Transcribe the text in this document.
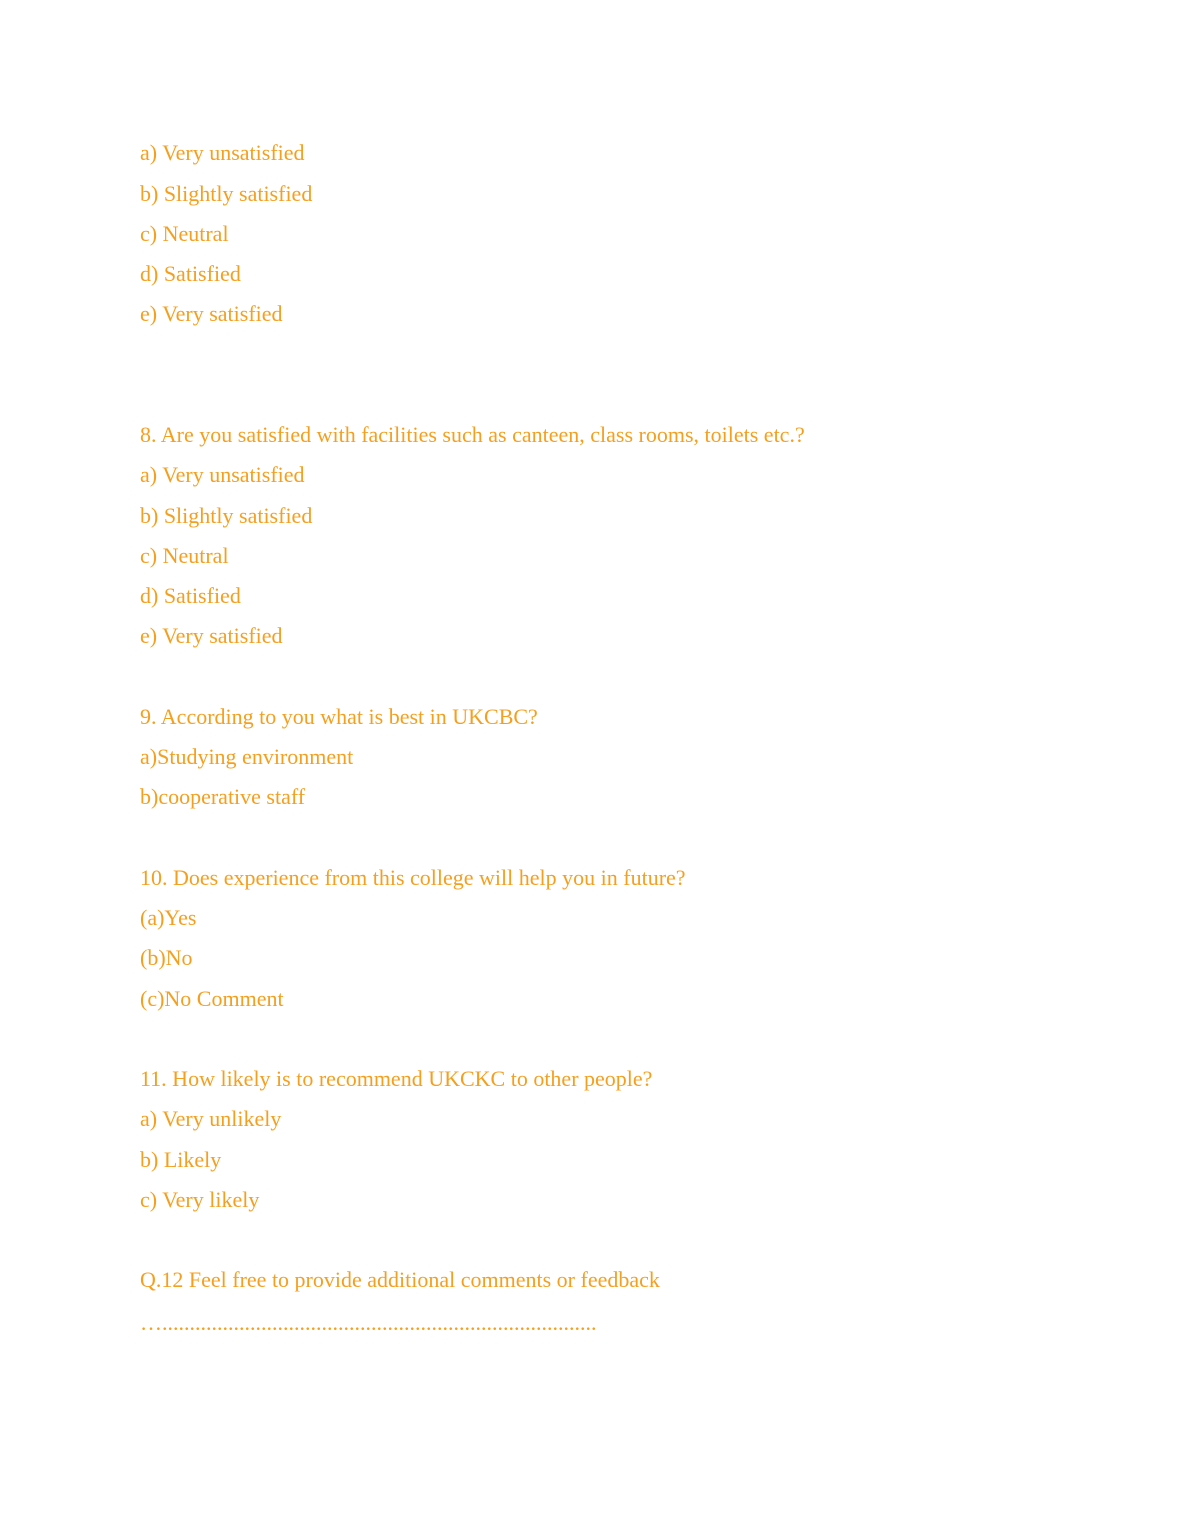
a) Very unsatisfied
b) Slightly satisfied
c) Neutral
d) Satisfied
e) Very satisfied
8. Are you satisfied with facilities such as canteen, class rooms, toilets etc.?
a) Very unsatisfied
b) Slightly satisfied
c) Neutral
d) Satisfied
e) Very satisfied
9. According to you what is best in UKCBC?
a)Studying environment
b)cooperative staff
10. Does experience from this college will help you in future?
(a)Yes
(b)No
(c)No Comment
11. How likely is to recommend UKCKC to other people?
a) Very unlikely
b) Likely
c) Very likely
Q.12 Feel free to provide additional comments or feedback
…...............................................................................
